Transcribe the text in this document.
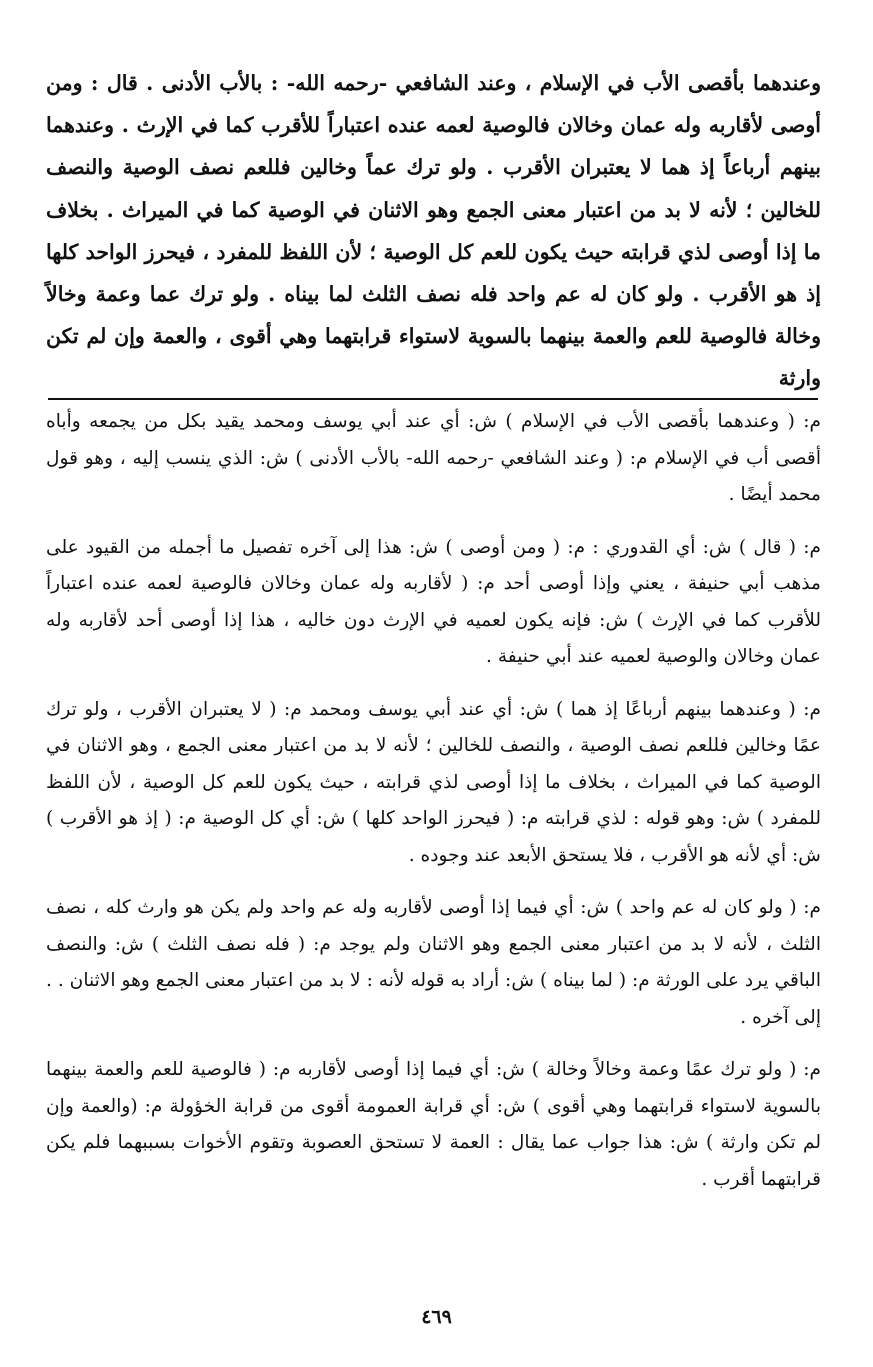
وعندهما بأقصى الأب في الإسلام ، وعند الشافعي -رحمه الله- : بالأب الأدنى . قال : ومن أوصى لأقاربه وله عمان وخالان فالوصية لعمه عنده اعتباراً للأقرب كما في الإرث . وعندهما بينهم أرباعاً إذ هما لا يعتبران الأقرب . ولو ترك عماً وخالين فللعم نصف الوصية والنصف للخالين ؛ لأنه لا بد من اعتبار معنى الجمع وهو الاثنان في الوصية كما في الميراث . بخلاف ما إذا أوصى لذي قرابته حيث يكون للعم كل الوصية ؛ لأن اللفظ للمفرد ، فيحرز الواحد كلها إذ هو الأقرب . ولو كان له عم واحد فله نصف الثلث لما بيناه . ولو ترك عما وعمة وخالاً وخالة فالوصية للعم والعمة بينهما بالسوية لاستواء قرابتهما وهي أقوى ، والعمة وإن لم تكن وارثة

م: ( وعندهما بأقصى الأب في الإسلام ) ش: أي عند أبي يوسف ومحمد يقيد بكل من يجمعه وأباه أقصى أب في الإسلام م: ( وعند الشافعي -رحمه الله- بالأب الأدنى ) ش: الذي ينسب إليه ، وهو قول محمد أيضًا .

م: ( قال ) ش: أي القدوري : م: ( ومن أوصى ) ش: هذا إلى آخره تفصيل ما أجمله من القيود على مذهب أبي حنيفة ، يعني وإذا أوصى أحد م: ( لأقاربه وله عمان وخالان فالوصية لعمه عنده اعتباراً للأقرب كما في الإرث ) ش: فإنه يكون لعميه في الإرث دون خاليه ، هذا إذا أوصى أحد لأقاربه وله عمان وخالان والوصية لعميه عند أبي حنيفة .

م: ( وعندهما بينهم أرباعًا إذ هما ) ش: أي عند أبي يوسف ومحمد م: ( لا يعتبران الأقرب ، ولو ترك عمًا وخالين فللعم نصف الوصية ، والنصف للخالين ؛ لأنه لا بد من اعتبار معنى الجمع ، وهو الاثنان في الوصية كما في الميراث ، بخلاف ما إذا أوصى لذي قرابته ، حيث يكون للعم كل الوصية ، لأن اللفظ للمفرد ) ش: وهو قوله : لذي قرابته م: ( فيحرز الواحد كلها ) ش: أي كل الوصية م: ( إذ هو الأقرب ) ش: أي لأنه هو الأقرب ، فلا يستحق الأبعد عند وجوده .

م: ( ولو كان له عم واحد ) ش: أي فيما إذا أوصى لأقاربه وله عم واحد ولم يكن هو وارث كله ، نصف الثلث ، لأنه لا بد من اعتبار معنى الجمع وهو الاثنان ولم يوجد م: ( فله نصف الثلث ) ش: والنصف الباقي يرد على الورثة م: ( لما بيناه ) ش: أراد به قوله لأنه : لا بد من اعتبار معنى الجمع وهو الاثنان . . إلى آخره .

م: ( ولو ترك عمًا وعمة وخالاً وخالة ) ش: أي فيما إذا أوصى لأقاربه م: ( فالوصية للعم والعمة بينهما بالسوية لاستواء قرابتهما وهي أقوى ) ش: أي قرابة العمومة أقوى من قرابة الخؤولة م: (والعمة وإن لم تكن وارثة ) ش: هذا جواب عما يقال : العمة لا تستحق العصوبة وتقوم الأخوات بسببهما فلم يكن قرابتهما أقرب .

٤٦٩
